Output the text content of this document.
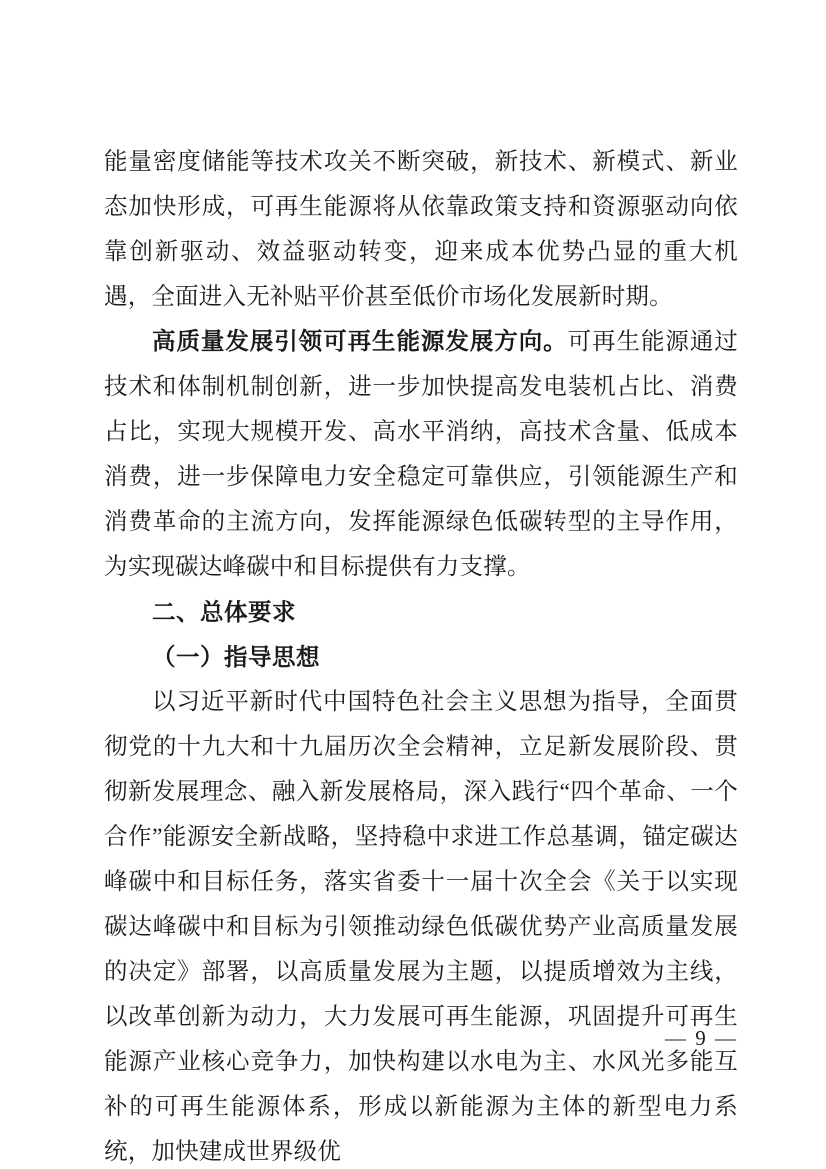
能量密度储能等技术攻关不断突破，新技术、新模式、新业态加快形成，可再生能源将从依靠政策支持和资源驱动向依靠创新驱动、效益驱动转变，迎来成本优势凸显的重大机遇，全面进入无补贴平价甚至低价市场化发展新时期。

高质量发展引领可再生能源发展方向。可再生能源通过技术和体制机制创新，进一步加快提高发电装机占比、消费占比，实现大规模开发、高水平消纳，高技术含量、低成本消费，进一步保障电力安全稳定可靠供应，引领能源生产和消费革命的主流方向，发挥能源绿色低碳转型的主导作用，为实现碳达峰碳中和目标提供有力支撑。

二、总体要求

（一）指导思想

以习近平新时代中国特色社会主义思想为指导，全面贯彻党的十九大和十九届历次全会精神，立足新发展阶段、贯彻新发展理念、融入新发展格局，深入践行“四个革命、一个合作”能源安全新战略，坚持稳中求进工作总基调，锚定碳达峰碳中和目标任务，落实省委十一届十次全会《关于以实现碳达峰碳中和目标为引领推动绿色低碳优势产业高质量发展的决定》部署，以高质量发展为主题，以提质增效为主线，以改革创新为动力，大力发展可再生能源，巩固提升可再生能源产业核心竞争力，加快构建以水电为主、水风光多能互补的可再生能源体系，形成以新能源为主体的新型电力系统，加快建成世界级优

— 9 —
